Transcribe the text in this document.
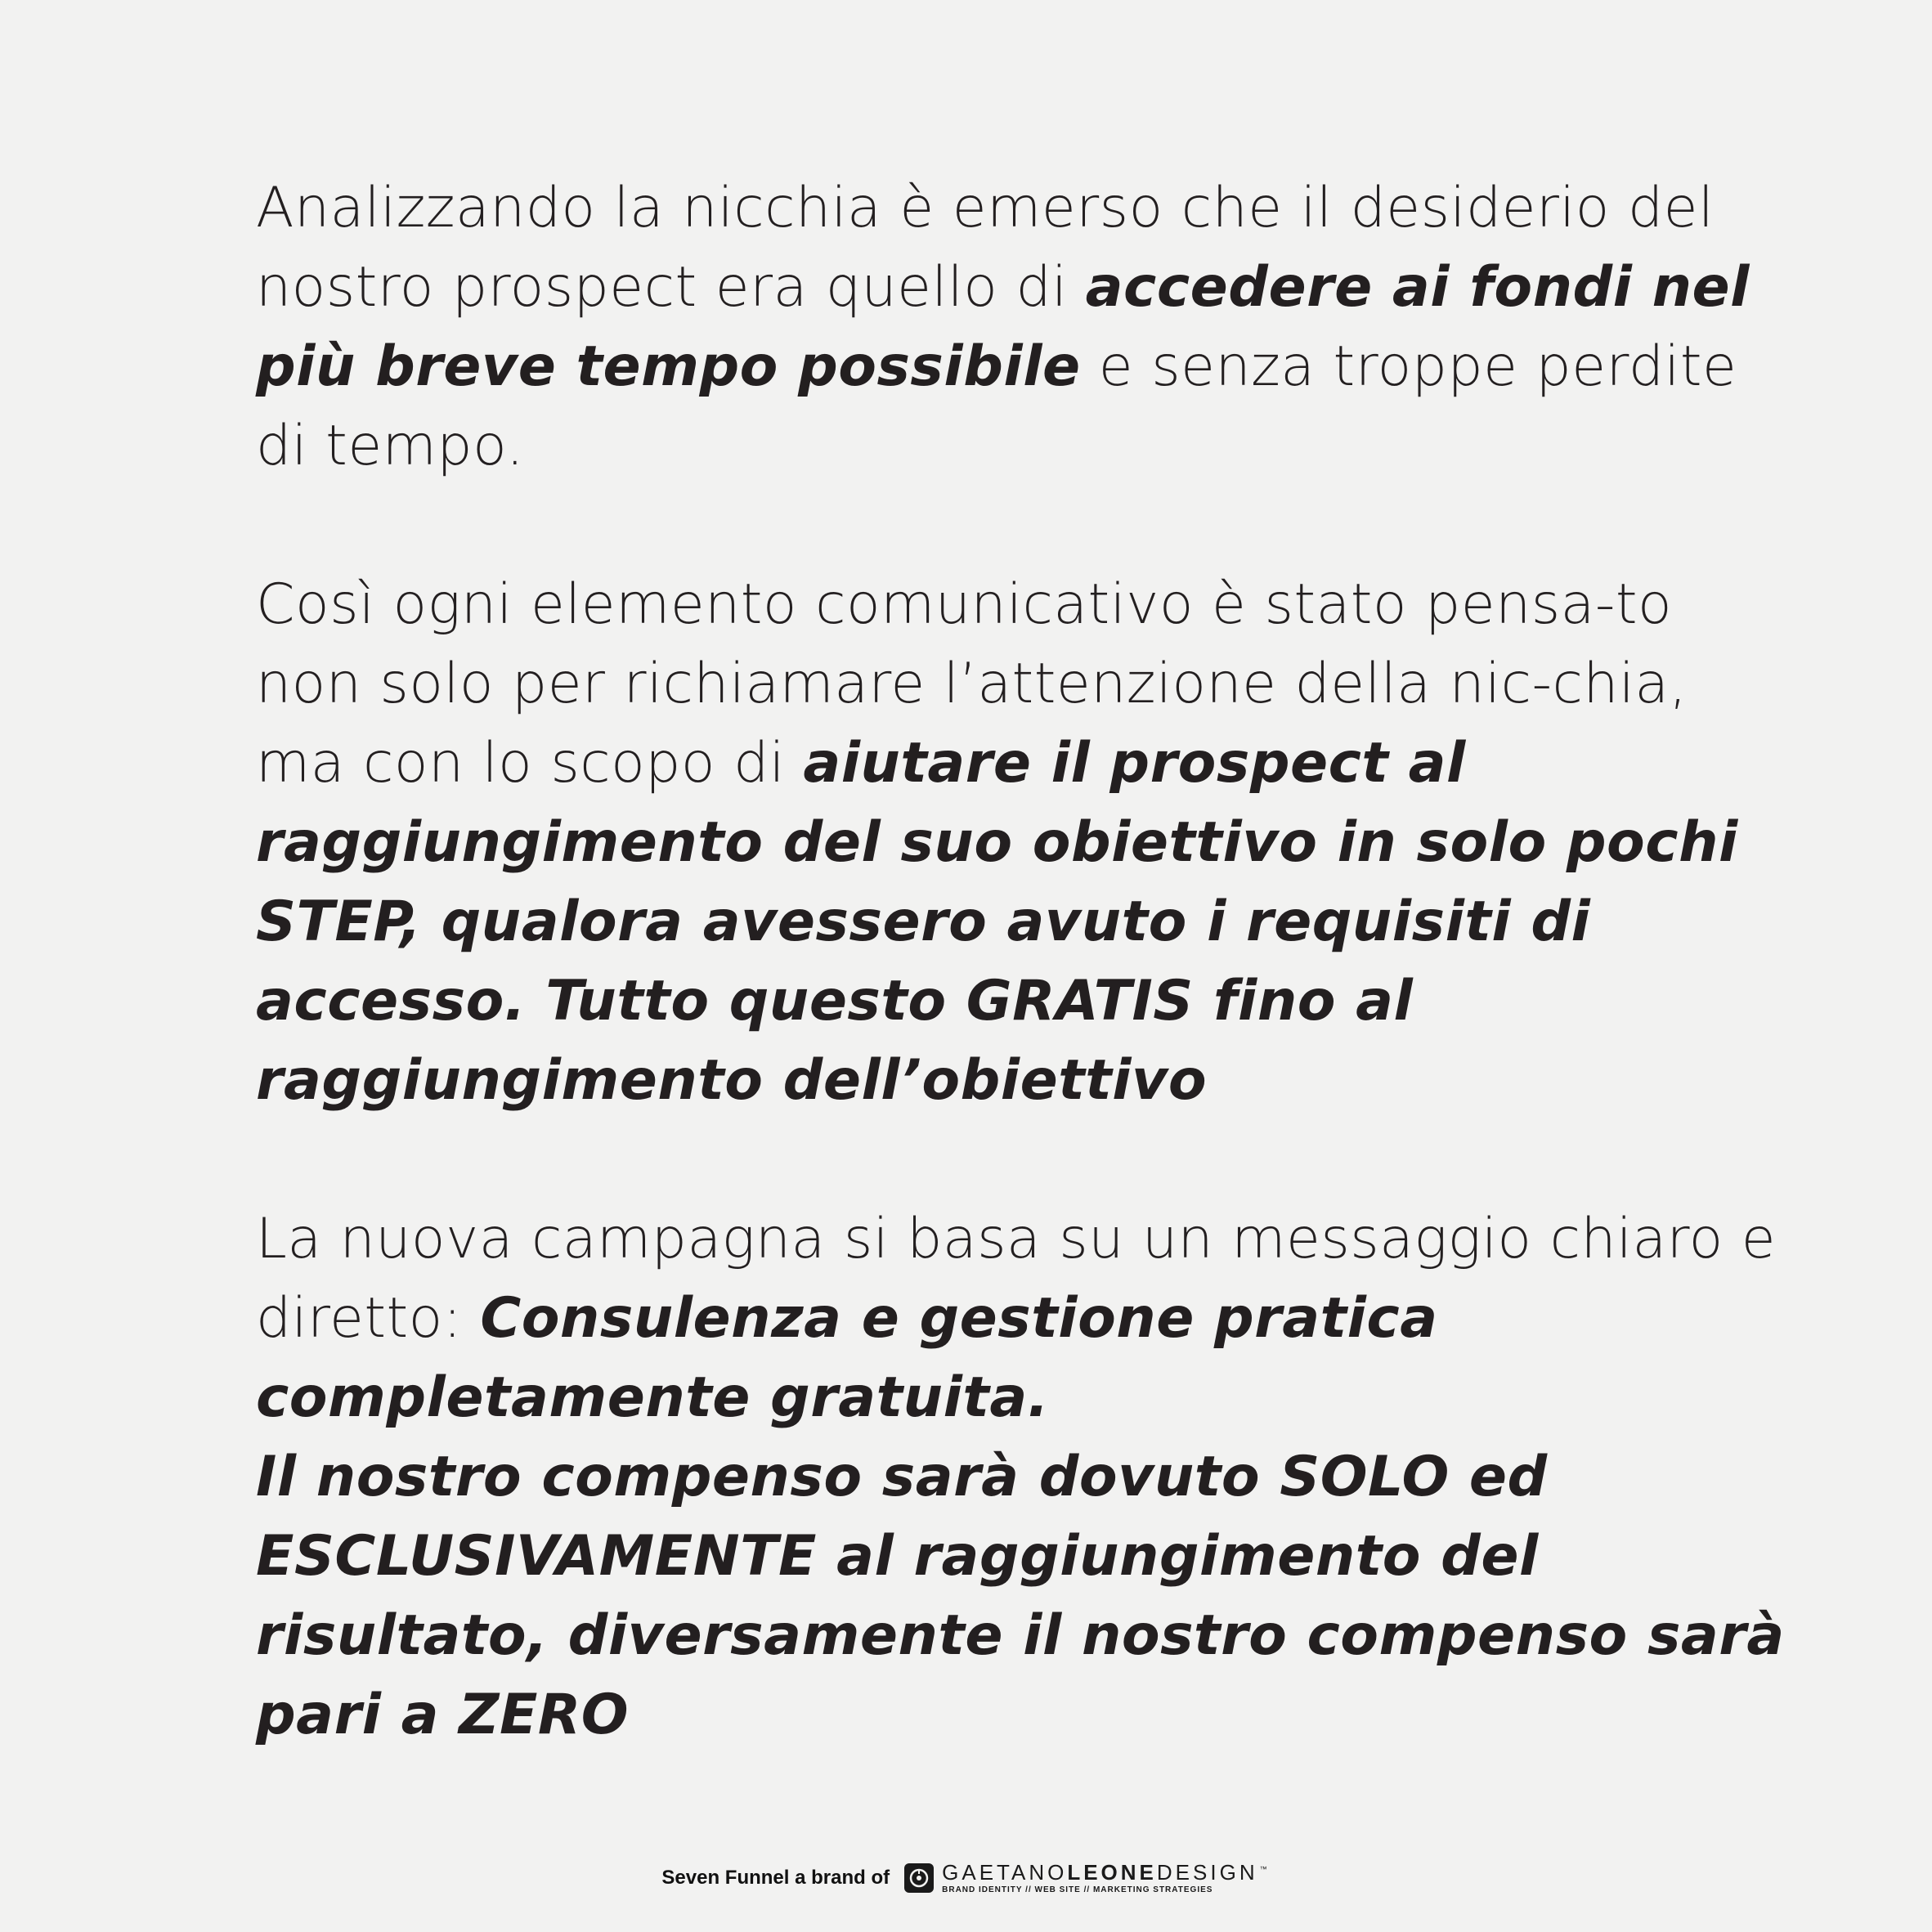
Analizzando la nicchia è emerso che il desiderio del nostro prospect era quello di accedere ai fondi nel più breve tempo possibile e senza troppe perdite di tempo.

Così ogni elemento comunicativo è stato pensa-to non solo per richiamare l’attenzione della nic-chia, ma con lo scopo di aiutare il prospect al raggiungimento del suo obiettivo in solo pochi STEP, qualora avessero avuto i requisiti di accesso. Tutto questo GRATIS fino al raggiungimento dell’obiettivo

La nuova campagna si basa su un messaggio chiaro e diretto: Consulenza e gestione pratica completamente gratuita.
Il nostro compenso sarà dovuto SOLO ed ESCLUSIVAMENTE al raggiungimento del risultato, diversamente il nostro compenso sarà pari a ZERO

Seven Funnel a brand of GAETANOLEONEDESIGN ™
BRAND IDENTITY // WEB SITE // MARKETING STRATEGIES
